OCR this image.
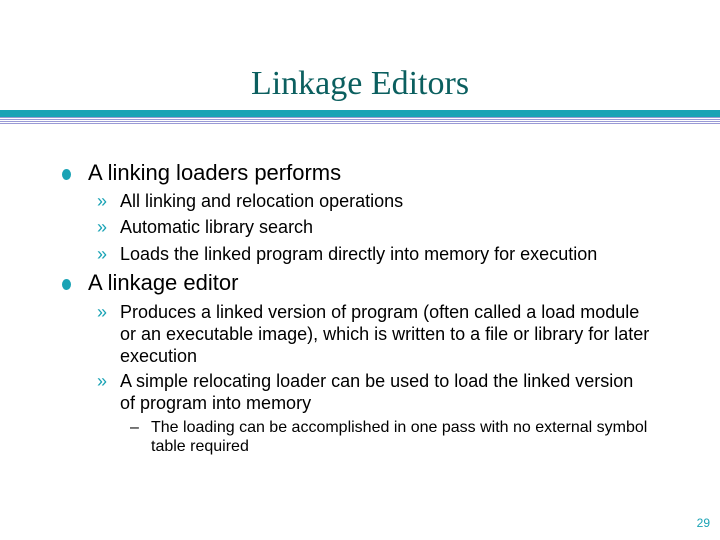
Linkage Editors
A linking loaders performs
» All linking and relocation operations
» Automatic library search
» Loads the linked program directly into memory for execution
A linkage editor
» Produces a linked version of program (often called a load module or an executable image), which is written to a file or library for later execution
» A simple relocating loader can be used to load the linked version of program into memory
– The loading can be accomplished in one pass with no external symbol table required
29
